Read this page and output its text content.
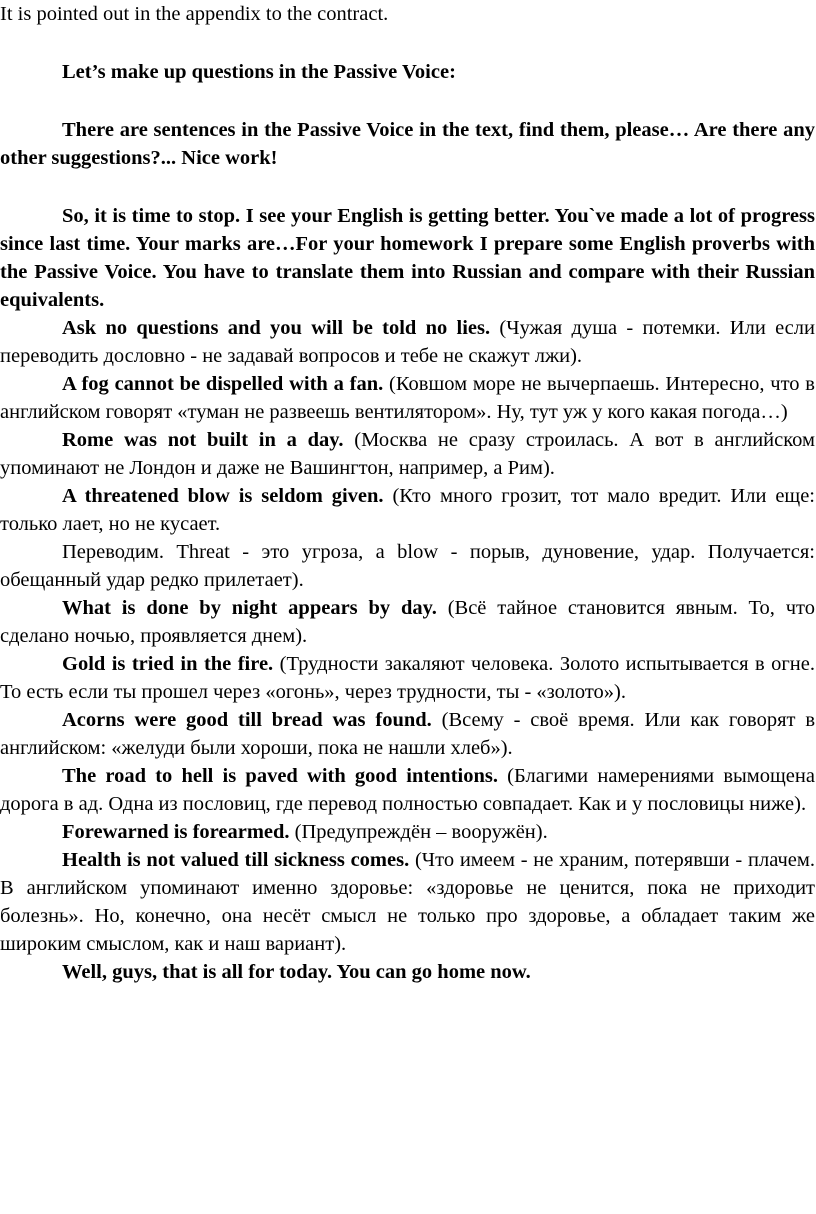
It is pointed out in the appendix to the contract.

Let’s make up questions in the Passive Voice:

There are sentences in the Passive Voice in the text, find them, please… Are there any other suggestions?... Nice work!

So, it is time to stop. I see your English is getting better. You`ve made a lot of progress since last time. Your marks are…For your homework I prepare some English proverbs with the Passive Voice. You have to translate them into Russian and compare with their Russian equivalents.

Ask no questions and you will be told no lies. (Чужая душа - потемки. Или если переводить дословно - не задавай вопросов и тебе не скажут лжи).

A fog cannot be dispelled with a fan. (Ковшом море не вычерпаешь. Интересно, что в английском говорят «туман не развеешь вентилятором». Ну, тут уж у кого какая погода…)

Rome was not built in a day. (Москва не сразу строилась. А вот в английском упоминают не Лондон и даже не Вашингтон, например, а Рим).

A threatened blow is seldom given. (Кто много грозит, тот мало вредит. Или еще: только лает, но не кусает.

Переводим. Threat - это угроза, a blow - порыв, дуновение, удар. Получается: обещанный удар редко прилетает).

What is done by night appears by day. (Всё тайное становится явным. То, что сделано ночью, проявляется днем).

Gold is tried in the fire. (Трудности закаляют человека. Золото испытывается в огне. То есть если ты прошел через «огонь», через трудности, ты - «золото»).

Acorns were good till bread was found. (Всему - своё время. Или как говорят в английском: «желуди были хороши, пока не нашли хлеб»).

The road to hell is paved with good intentions. (Благими намерениями вымощена дорога в ад. Одна из пословиц, где перевод полностью совпадает. Как и у пословицы ниже).

Forewarned is forearmed. (Предупреждён – вооружён).

Health is not valued till sickness comes. (Что имеем - не храним, потерявши - плачем. В английском упоминают именно здоровье: «здоровье не ценится, пока не приходит болезнь». Но, конечно, она несёт смысл не только про здоровье, а обладает таким же широким смыслом, как и наш вариант).

Well, guys, that is all for today. You can go home now.
